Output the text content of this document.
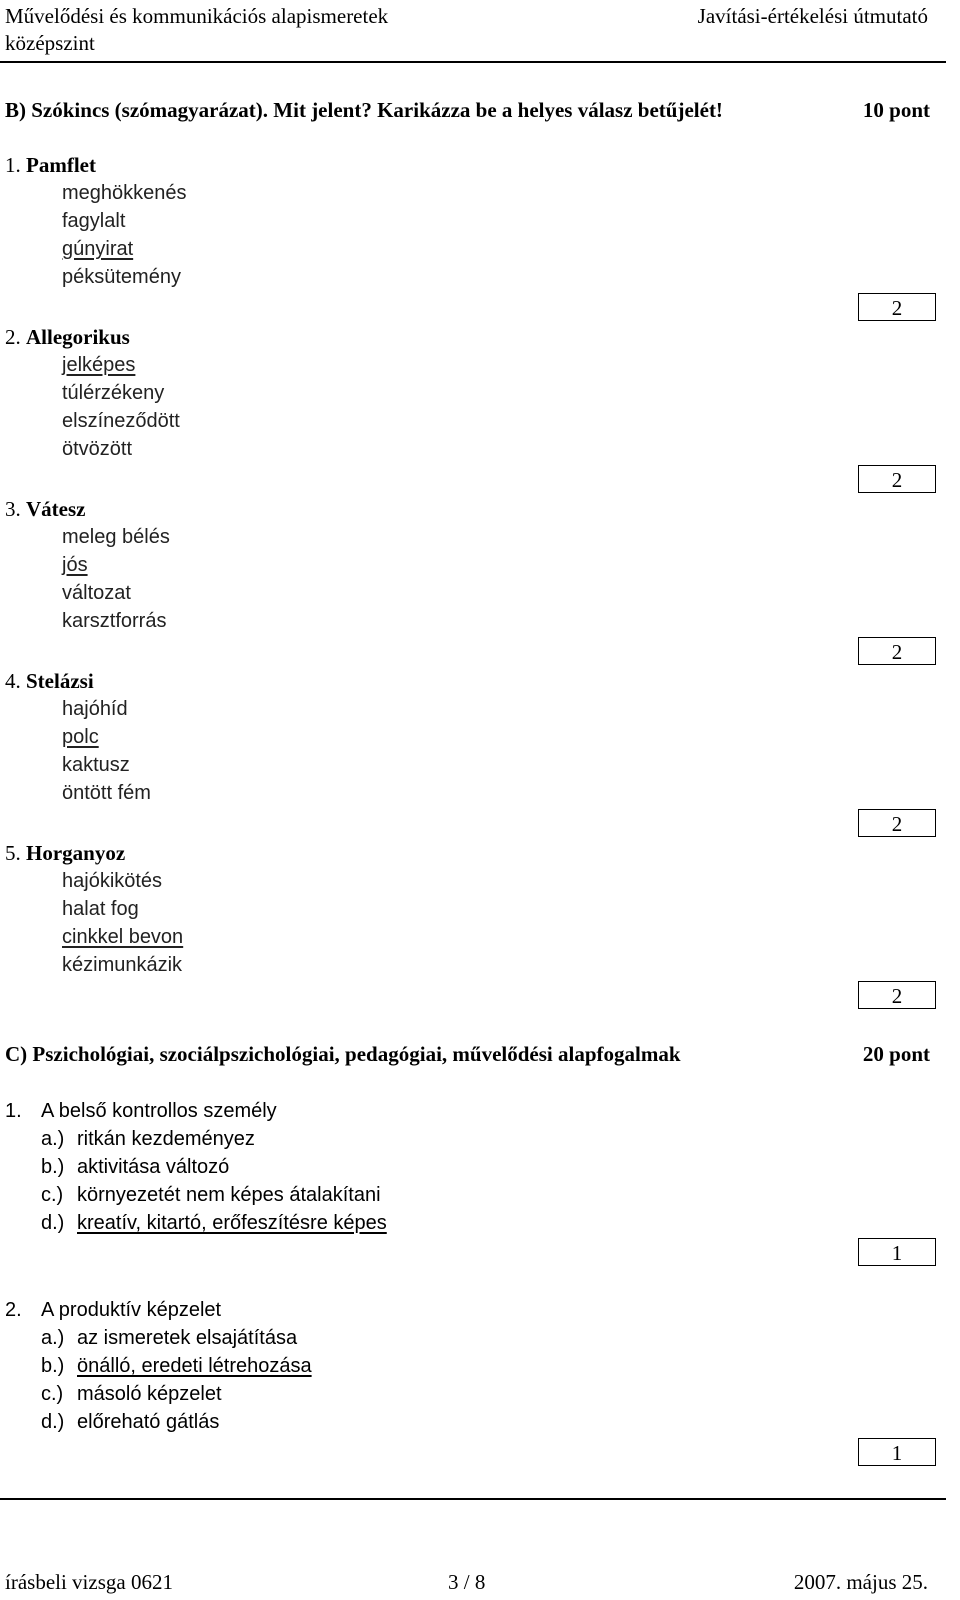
Művelődési és kommunikációs alapismeretek
középszint
Javítási-értékelési útmutató
B) Szókincs (szómagyarázat). Mit jelent? Karikázza be a helyes válasz betűjelét!	10 pont
1. Pamflet
meghökkenés
fagylalt
gúnyirat
péksütemény
2
2. Allegorikus
jelképes
túlérzékeny
elszíneződött
ötvözött
2
3. Vátesz
meleg bélés
jós
változat
karsztforrás
2
4. Stelázsi
hajóhíd
polc
kaktusz
öntött fém
2
5. Horganyoz
hajókikötés
halat fog
cinkkel bevon
kézimunkázik
2
C) Pszichológiai, szociálpszichológiai, pedagógiai, művelődési alapfogalmak	20 pont
1. A belső kontrollos személy
a.) ritkán kezdeményez
b.) aktivitása változó
c.) környezetét nem képes átalakítani
d.) kreatív, kitartó, erőfeszítésre képes
1
2. A produktív képzelet
a.) az ismeretek elsajátítása
b.) önálló, eredeti létrehozása
c.) másoló képzelet
d.) előreható gátlás
1
írásbeli vizsga 0621	3 / 8	2007. május 25.
